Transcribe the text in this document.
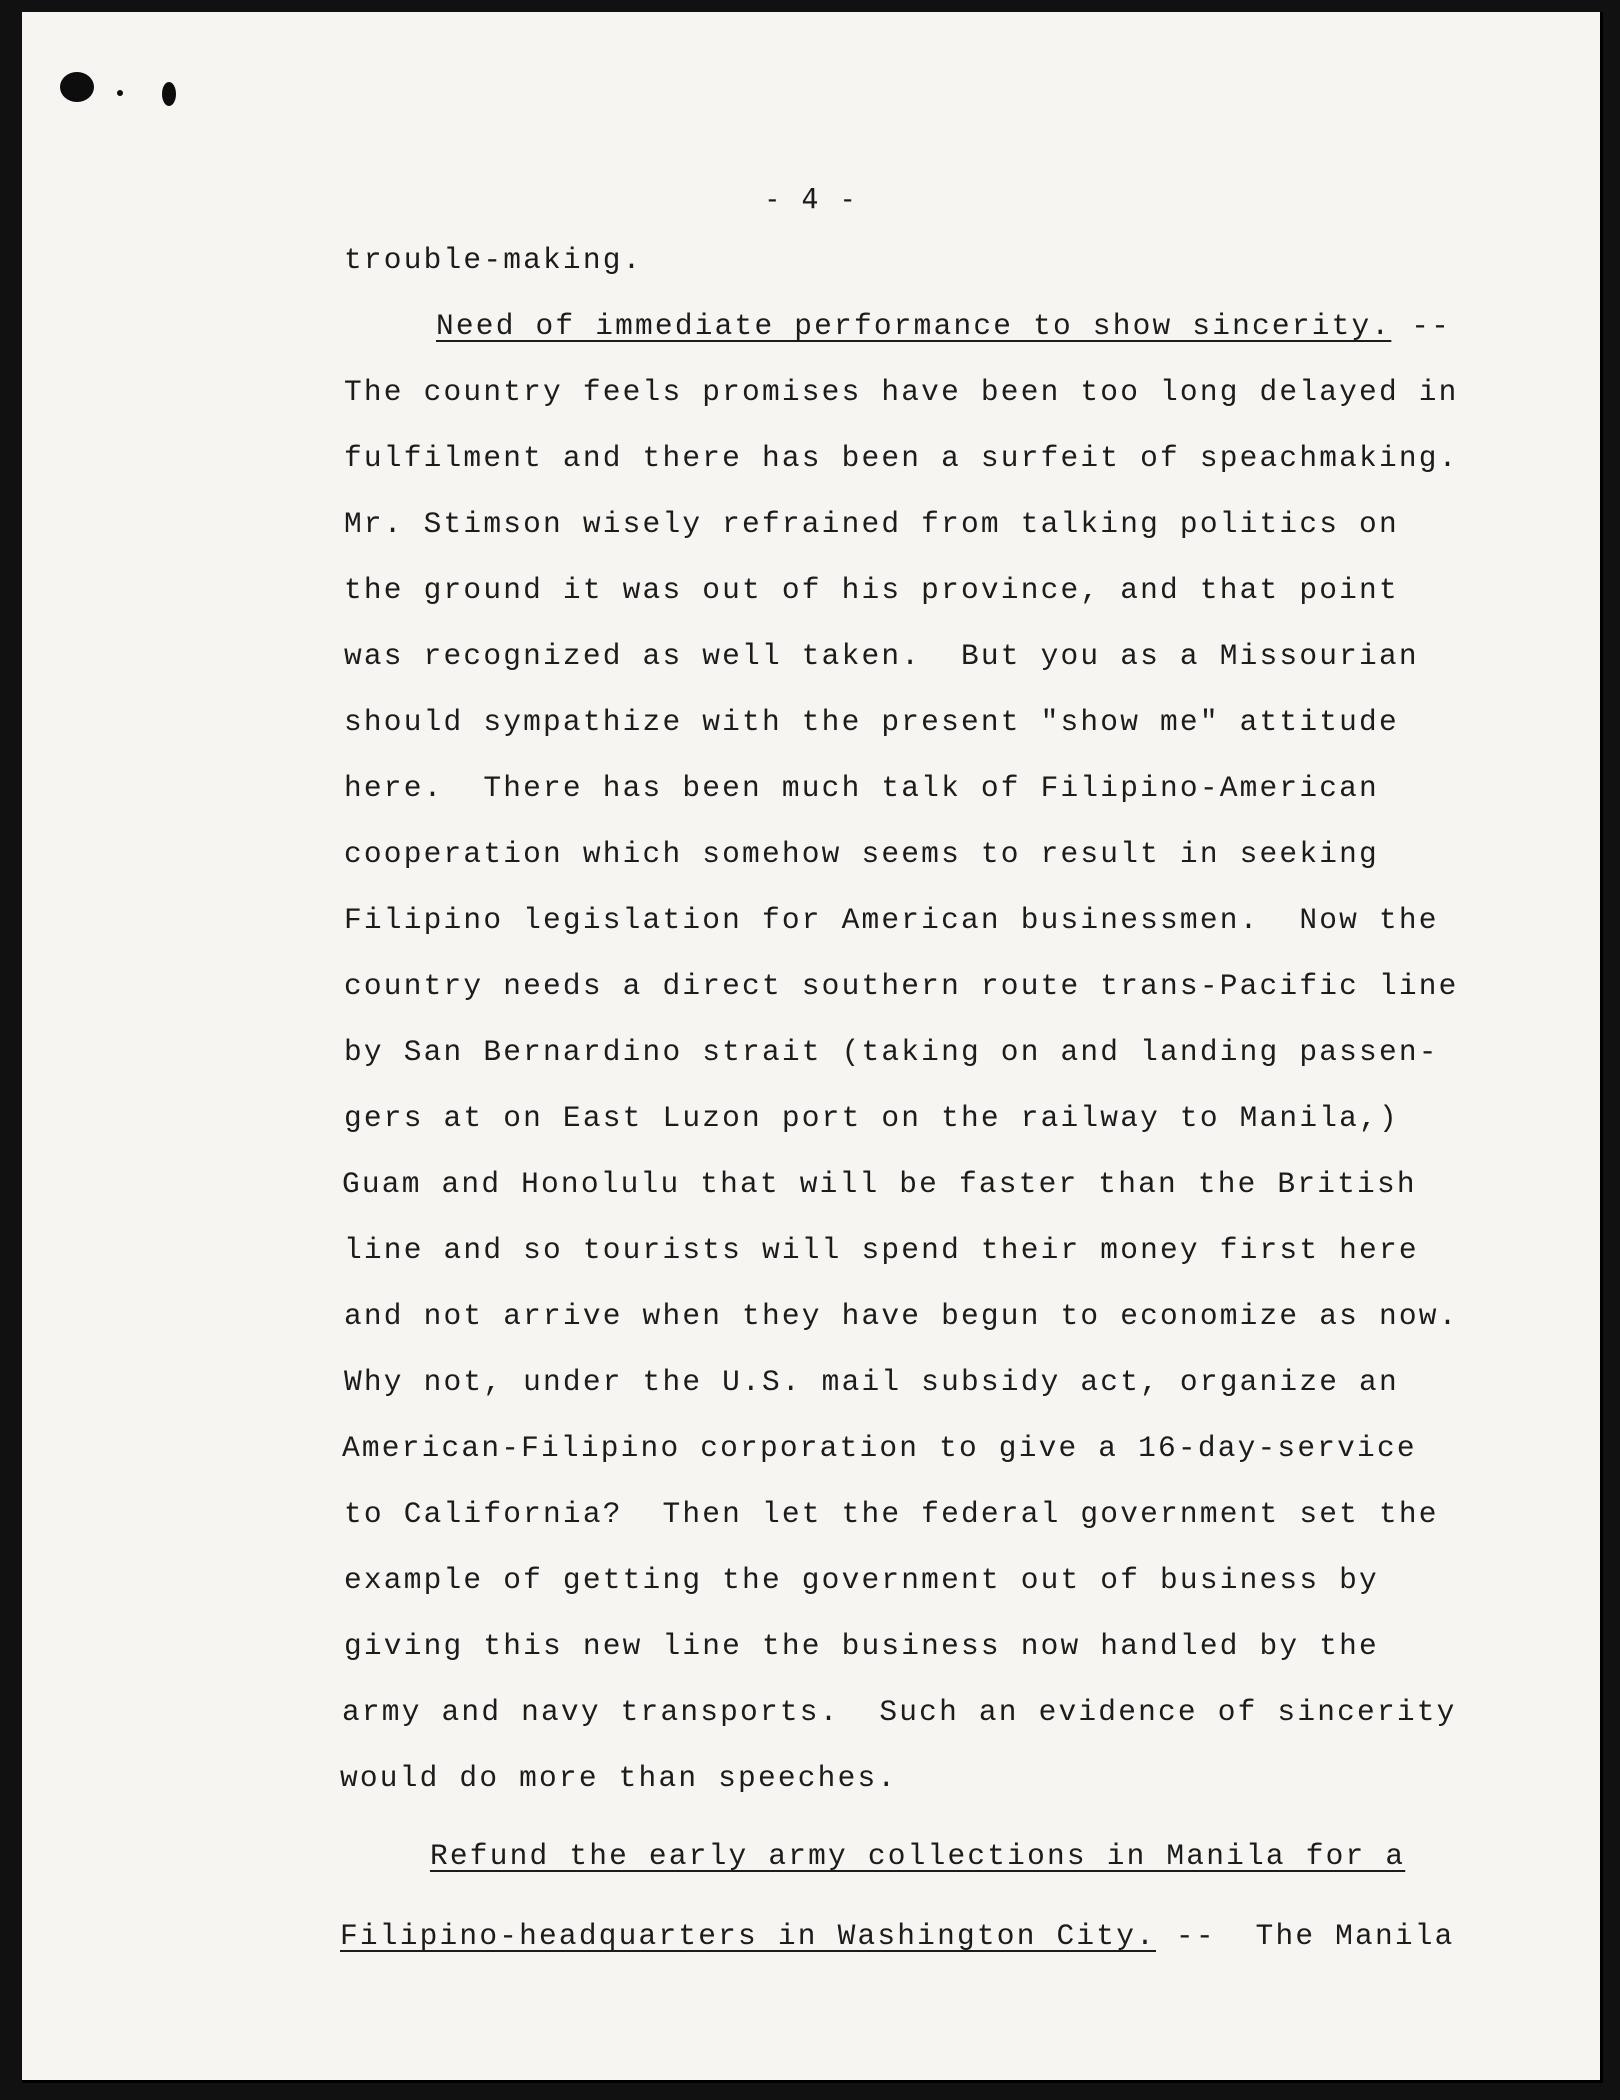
- 4 -
trouble-making.
Need of immediate performance to show sincerity. --
The country feels promises have been too long delayed in
fulfilment and there has been a surfeit of speachmaking.
Mr. Stimson wisely refrained from talking politics on
the ground it was out of his province, and that point
was recognized as well taken.  But you as a Missourian
should sympathize with the present "show me" attitude
here.  There has been much talk of Filipino-American
cooperation which somehow seems to result in seeking
Filipino legislation for American businessmen.  Now the
country needs a direct southern route trans-Pacific line
by San Bernardino strait (taking on and landing passen-
gers at on East Luzon port on the railway to Manila,)
Guam and Honolulu that will be faster than the British
line and so tourists will spend their money first here
and not arrive when they have begun to economize as now.
Why not, under the U.S. mail subsidy act, organize an
American-Filipino corporation to give a 16-day-service
to California?  Then let the federal government set the
example of getting the government out of business by
giving this new line the business now handled by the
army and navy transports.  Such an evidence of sincerity
would do more than speeches.
Refund the early army collections in Manila for a
Filipino-headquarters in Washington City. --  The Manila
